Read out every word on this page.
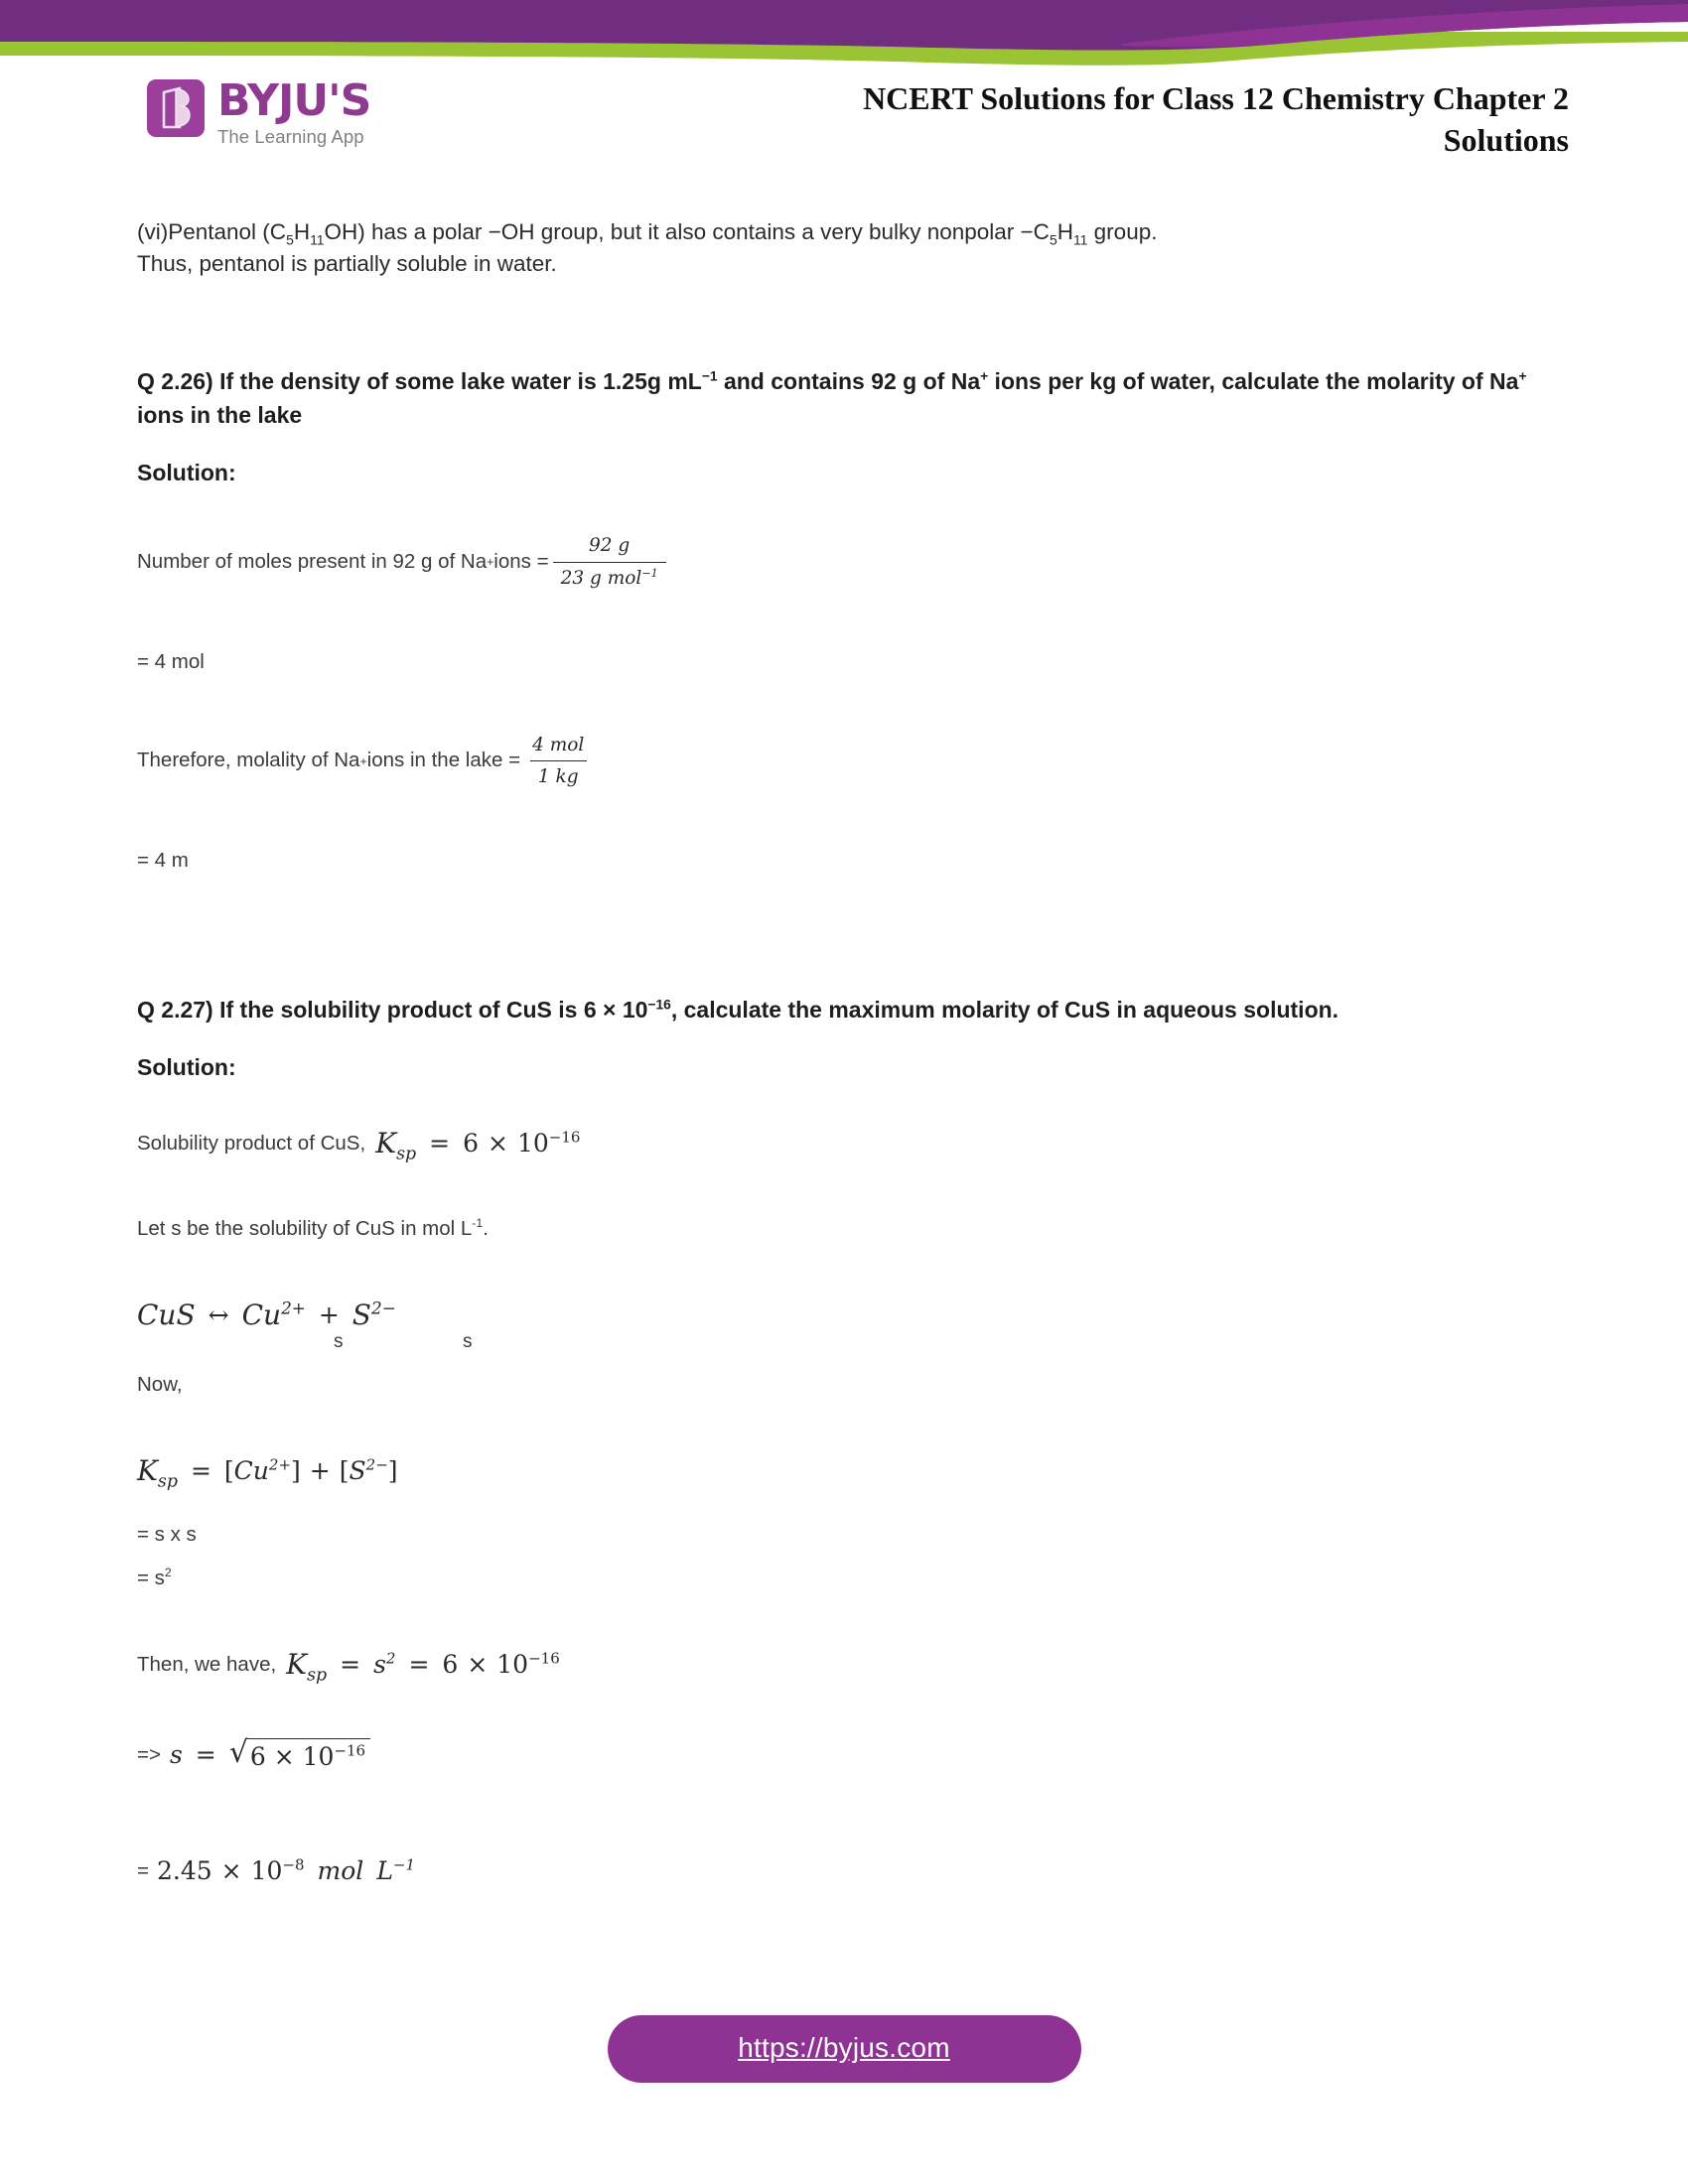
BYJU'S
The Learning App
NCERT Solutions for Class 12 Chemistry Chapter 2
Solutions

(vi)Pentanol $(C_5H_{11}OH)$ has a polar −OH group, but it also contains a very bulky nonpolar $-C_5H_{11}$ group.
Thus, pentanol is partially soluble in water.

Q 2.26) If the density of some lake water is 1.25g $mL^{-1}$ and contains 92 g of Na+ ions per kg of water, calculate the molarity of Na+ ions in the lake

Solution:

Number of moles present in 92 g of Na + ions = $\frac{92 g}{23 g mol^{-1}}$

= 4 mol

Therefore, molality of Na + ions in the lake = $\frac{\text{4 mol}}{1 kg}$

= 4 m

Q 2.27) If the solubility product of CuS is $6 \times 10^{-16}$, calculate the maximum molarity of CuS in aqueous solution.

Solution:

Solubility product of CuS, $K_{sp} = 6 \times 10^{-16}$

Let s be the solubility of CuS in mol $L^{-1}$.

CuS ↔ $Cu^{2+} + S^{2-}$
s	s

Now,

$K_{sp}$ = [ $Cu^{2+}$ ] + [ $S^{2-}$ ]

= s x s

= $s^2$

Then, we have, $K_{sp} = s^2 = 6 \times 10^{-16}$
=> s = √ $6 \times 10^{-16}$
= $2.45 \times 10^{-8}$ mol $L^{-1}$
https://byjus.com
